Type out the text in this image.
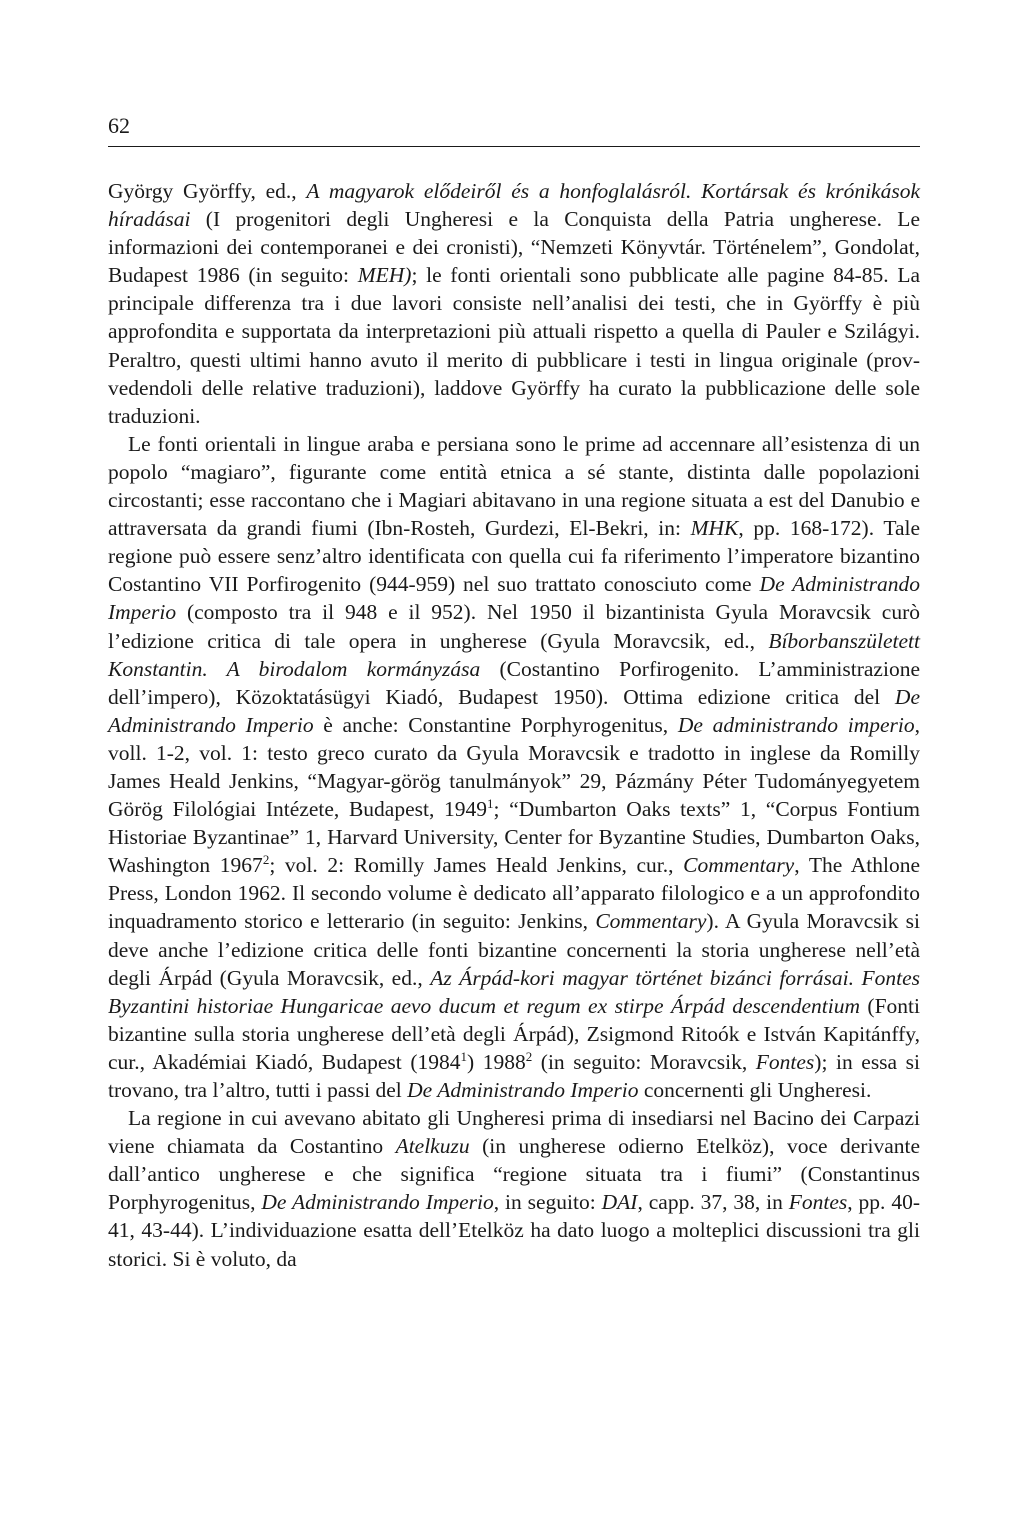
62

György Györffy, ed., A magyarok elődeiről és a honfoglalásról. Kortársak és krónikások híradásai (I progenitori degli Ungheresi e la Conquista della Patria ungherese. Le informazioni dei contemporanei e dei cronisti), “Nemzeti Könyvtár. Történelem”, Gondolat, Budapest 1986 (in seguito: MEH); le fonti orientali sono pubblicate alle pagine 84-85. La principale differenza tra i due lavori consiste nell’analisi dei testi, che in Györffy è più approfondita e supportata da interpretazioni più attuali rispetto a quella di Pauler e Szilágyi. Peraltro, questi ultimi hanno avuto il merito di pubblicare i testi in lingua originale (provvedendoli delle relative traduzioni), laddove Györffy ha curato la pubblicazione delle sole traduzioni.

Le fonti orientali in lingue araba e persiana sono le prime ad accennare all’esistenza di un popolo “magiaro”, figurante come entità etnica a sé stante, distinta dalle popolazioni circostanti; esse raccontano che i Magiari abitavano in una regione situata a est del Danubio e attraversata da grandi fiumi (Ibn-Rosteh, Gurdezi, El-Bekri, in: MHK, pp. 168-172). Tale regione può essere senz’altro identificata con quella cui fa riferimento l’imperatore bizantino Costantino VII Porfirogenito (944-959) nel suo trattato conosciuto come De Administrando Imperio (composto tra il 948 e il 952). Nel 1950 il bizantinista Gyula Moravcsik curò l’edizione critica di tale opera in ungherese (Gyula Moravcsik, ed., Bíborbanszületett Konstantin. A birodalom kormányzása (Costantino Porfirogenito. L’amministrazione dell’impero), Közoktatásügyi Kiadó, Budapest 1950). Ottima edizione critica del De Administrando Imperio è anche: Constantine Porphyrogenitus, De administrando imperio, voll. 1-2, vol. 1: testo greco curato da Gyula Moravcsik e tradotto in inglese da Romilly James Heald Jenkins, “Magyar-görög tanulmányok” 29, Pázmány Péter Tudományegyetem Görög Filológiai Intézete, Budapest, 1949$^1$; “Dumbarton Oaks texts” 1, “Corpus Fontium Historiae Byzantinae” 1, Harvard University, Center for Byzantine Studies, Dumbarton Oaks, Washington 1967$^2$; vol. 2: Romilly James Heald Jenkins, cur., Commentary, The Athlone Press, London 1962. Il secondo volume è dedicato all’apparato filologico e a un approfondito inquadramento storico e letterario (in seguito: Jenkins, Commentary). A Gyula Moravcsik si deve anche l’edizione critica delle fonti bizantine concernenti la storia ungherese nell’età degli Árpád (Gyula Moravcsik, ed., Az Árpád-kori magyar történet bizánci forrásai. Fontes Byzantini historiae Hungaricae aevo ducum et regum ex stirpe Árpád descendentium (Fonti bizantine sulla storia ungherese dell’età degli Árpád), Zsigmond Ritoók e István Kapitánffy, cur., Akadémiai Kiadó, Budapest (1984$^1$) 1988$^2$ (in seguito: Moravcsik, Fontes); in essa si trovano, tra l’altro, tutti i passi del De Administrando Imperio concernenti gli Ungheresi.

La regione in cui avevano abitato gli Ungheresi prima di insediarsi nel Bacino dei Carpazi viene chiamata da Costantino Atelkuzu (in ungherese odierno Etelköz), voce derivante dall’antico ungherese e che significa “regione situata tra i fiumi” (Constantinus Porphyrogenitus, De Administrando Imperio, in seguito: DAI, capp. 37, 38, in Fontes, pp. 40-41, 43-44). L’individuazione esatta dell’Etelköz ha dato luogo a molteplici discussioni tra gli storici. Si è voluto, da
